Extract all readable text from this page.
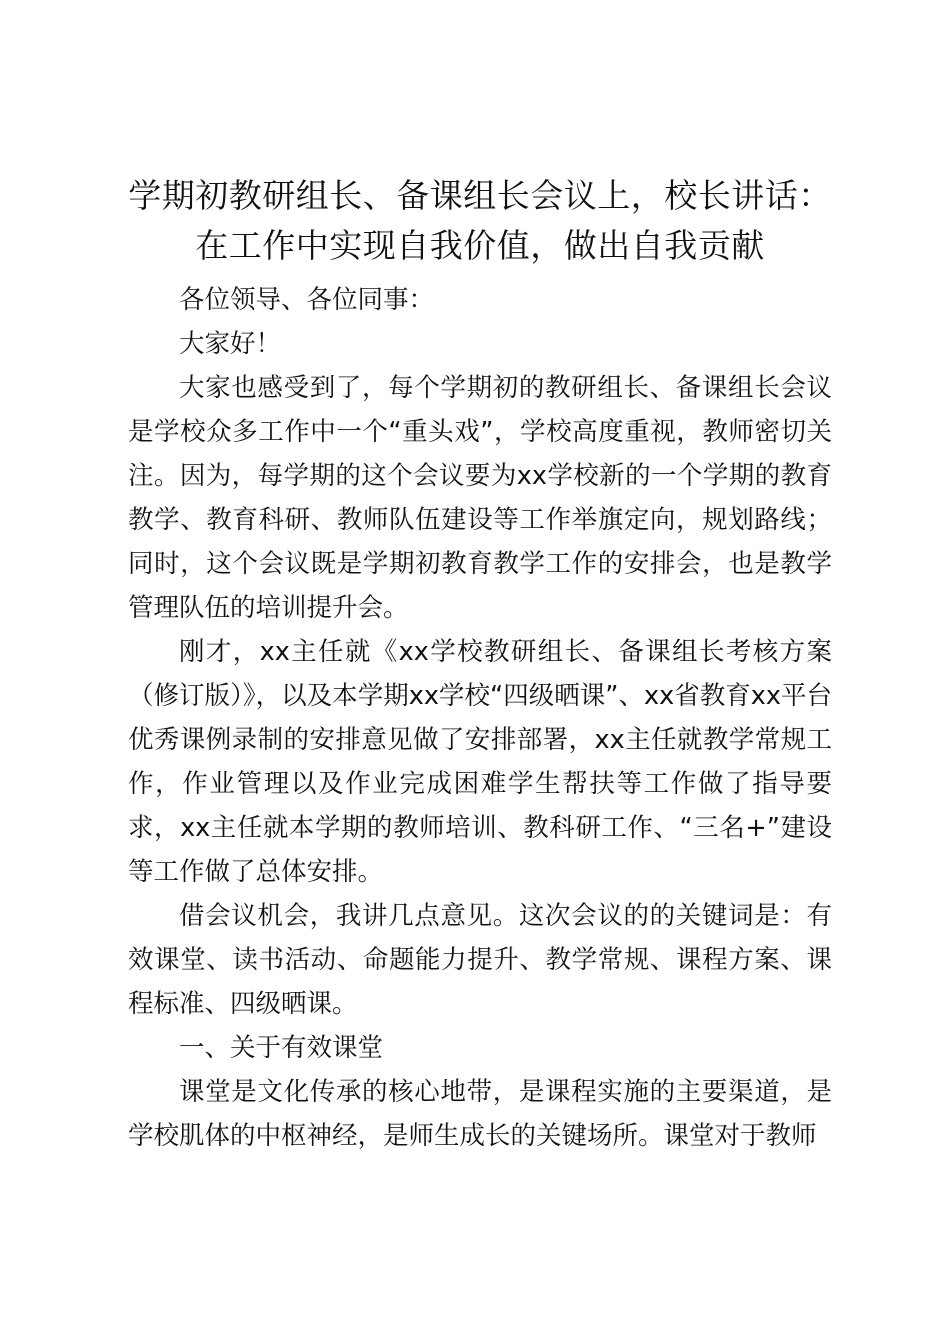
学期初教研组长、备课组长会议上，校长讲话：
在工作中实现自我价值，做出自我贡献

各位领导、各位同事：

大家好！

大家也感受到了，每个学期初的教研组长、备课组长会议是学校众多工作中一个“重头戏”，学校高度重视，教师密切关注。因为，每学期的这个会议要为xx学校新的一个学期的教育教学、教育科研、教师队伍建设等工作举旗定向，规划路线；同时，这个会议既是学期初教育教学工作的安排会，也是教学管理队伍的培训提升会。

刚才，xx主任就《xx学校教研组长、备课组长考核方案（修订版）》，以及本学期xx学校“四级晒课”、xx省教育xx平台优秀课例录制的安排意见做了安排部署，xx主任就教学常规工作，作业管理以及作业完成困难学生帮扶等工作做了指导要求，xx主任就本学期的教师培训、教科研工作、“三名+”建设等工作做了总体安排。

借会议机会，我讲几点意见。这次会议的的关键词是：有效课堂、读书活动、命题能力提升、教学常规、课程方案、课程标准、四级晒课。

一、关于有效课堂

课堂是文化传承的核心地带，是课程实施的主要渠道，是学校肌体的中枢神经，是师生成长的关键场所。课堂对于教师
